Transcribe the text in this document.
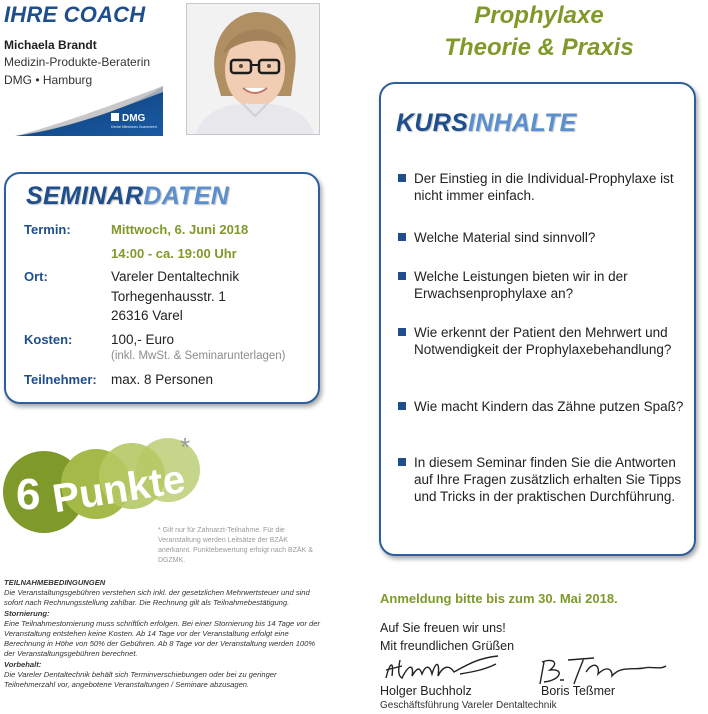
IHRE COACH
Michaela Brandt
Medizin-Produkte-Beraterin
DMG • Hamburg
DMG
Dental Milestones Guaranteed
Prophylaxe
Theorie & Praxis
SEMINARDATEN
Termin:	Mittwoch, 6. Juni 2018
14:00 - ca. 19:00 Uhr
Ort:	Vareler Dentaltechnik
Torhegenhausstr. 1
26316 Varel
Kosten:	100,- Euro
(inkl. MwSt. & Seminarunterlagen)
Teilnehmer: max. 8 Personen
KURSINHALTE
Der Einstieg in die Individual-Prophylaxe ist nicht immer einfach.
Welche Material sind sinnvoll?
Welche Leistungen bieten wir in der Erwachsenprophylaxe an?
Wie erkennt der Patient den Mehrwert und Notwendigkeit der Prophylaxebehandlung?
Wie macht Kindern das Zähne putzen Spaß?
In diesem Seminar finden Sie die Antworten auf Ihre Fragen zusätzlich erhalten Sie Tipps und Tricks in der praktischen Durchführung.
6 Punkte
*
* Gilt nur für Zahnarzt-Teilnahme. Für die Veranstaltung werden Leitsätze der BZÄK anerkannt. Punktebewertung erfolgt nach BZÄK & DGZMK.
TEILNAHMEBEDINGUNGEN
Die Veranstaltungsgebühren verstehen sich inkl. der gesetzlichen Mehrwertsteuer und sind sofort nach Rechnungsstellung zahlbar. Die Rechnung gilt als Teilnahmebestätigung.
Stornierung:
Eine Teilnahmestornierung muss schriftlich erfolgen. Bei einer Stornierung bis 14 Tage vor der Veranstaltung entstehen keine Kosten. Ab 14 Tage vor der Veranstaltung erfolgt eine Berechnung in Höhe von 50% der Gebühren. Ab 8 Tage vor der Veranstaltung werden 100% der Veranstaltungsgebühren berechnet.
Vorbehalt:
Die Vareler Dentaltechnik behält sich Terminverschiebungen oder bei zu geringer Teilnehmerzahl vor, angebotene Veranstaltungen / Seminare abzusagen.
Anmeldung bitte bis zum 30. Mai 2018.
Auf Sie freuen wir uns!
Mit freundlichen Grüßen
Holger Buchholz	Boris Teßmer
Geschäftsführung Vareler Dentaltechnik
